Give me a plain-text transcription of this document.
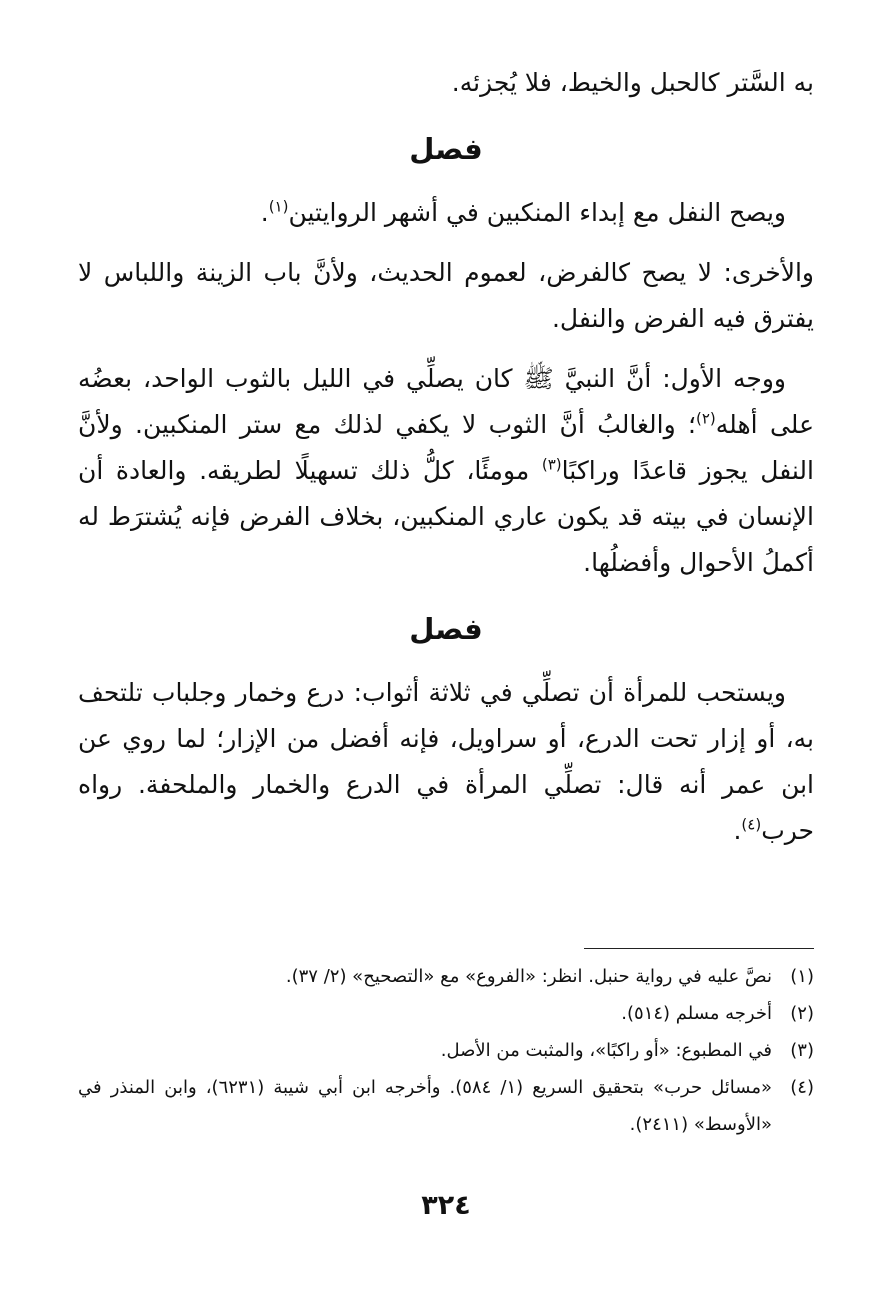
به السَّتر كالحبل والخيط، فلا يُجزئه.

فصل

ويصح النفل مع إبداء المنكبين في أشهر الروايتين$^{(١)}$.

والأخرى: لا يصح كالفرض، لعموم الحديث، ولأنَّ باب الزينة واللباس لا يفترق فيه الفرض والنفل.

ووجه الأول: أنَّ النبيَّ ﷺ كان يصلِّي في الليل بالثوب الواحد، بعضُه على أهله$^{(٢)}$؛ والغالبُ أنَّ الثوب لا يكفي لذلك مع ستر المنكبين. ولأنَّ النفل يجوز قاعدًا وراكبًا$^{(٣)}$ مومئًا، كلُّ ذلك تسهيلًا لطريقه. والعادة أن الإنسان في بيته قد يكون عاري المنكبين، بخلاف الفرض فإنه يُشترَط له أكملُ الأحوال وأفضلُها.

فصل

ويستحب للمرأة أن تصلِّي في ثلاثة أثواب: درع وخمار وجلباب تلتحف به، أو إزار تحت الدرع، أو سراويل، فإنه أفضل من الإزار؛ لما روي عن ابن عمر أنه قال: تصلِّي المرأة في الدرع والخمار والملحفة. رواه حرب$^{(٤)}$.

(١)
نصَّ عليه في رواية حنبل. انظر: «الفروع» مع «التصحيح» (٢/ ٣٧).
(٢)
أخرجه مسلم (٥١٤).
(٣)
في المطبوع: «أو راكبًا»، والمثبت من الأصل.
(٤)
«مسائل حرب» بتحقيق السريع (١/ ٥٨٤). وأخرجه ابن أبي شيبة (٦٢٣١)، وابن المنذر في «الأوسط» (٢٤١١).
٣٢٤
